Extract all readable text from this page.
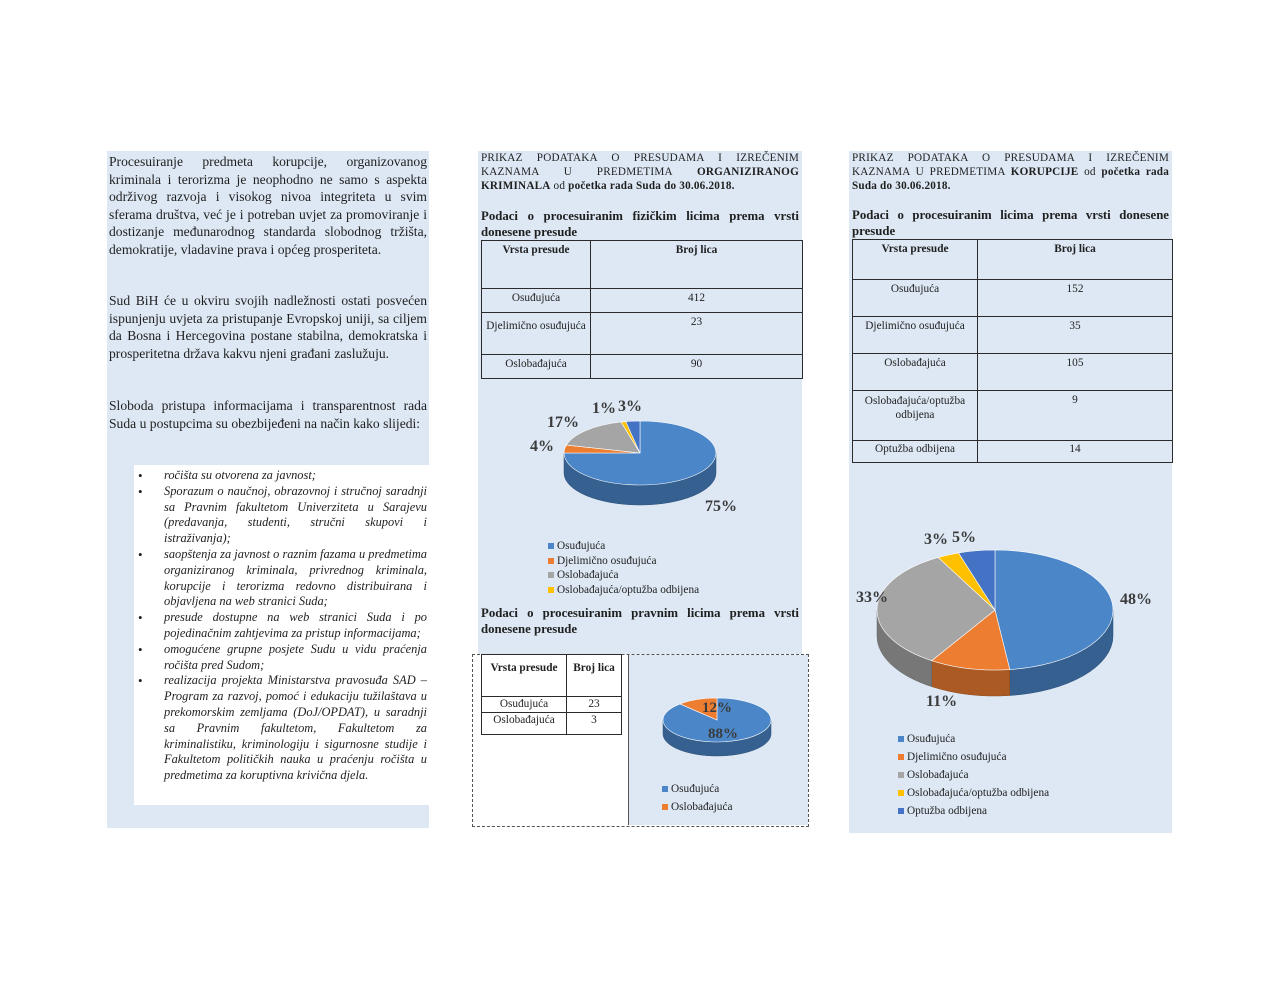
Procesuiranje predmeta korupcije, organizovanog kriminala i terorizma je neophodno ne samo s aspekta održivog razvoja i visokog nivoa integriteta u svim sferama društva, već je i potreban uvjet za promoviranje i dostizanje međunarodnog standarda slobodnog tržišta, demokratije, vladavine prava i općeg prosperiteta.
Sud BiH će u okviru svojih nadležnosti ostati posvećen ispunjenju uvjeta za pristupanje Evropskoj uniji, sa ciljem da Bosna i Hercegovina postane stabilna, demokratska i prosperitetna država kakvu njeni građani zaslužuju.
Sloboda pristupa informacijama i transparentnost rada Suda u postupcima su obezbijeđeni na način kako slijedi:
• ročišta su otvorena za javnost;
• Sporazum o naučnoj, obrazovnoj i stručnoj saradnji sa Pravnim fakultetom Univerziteta u Sarajevu (predavanja, studenti, stručni skupovi i istraživanja);
• saopštenja za javnost o raznim fazama u predmetima organiziranog kriminala, privrednog kriminala, korupcije i terorizma redovno distribuirana i objavljena na web stranici Suda;
• presude dostupne na web stranici Suda i po pojedinačnim zahtjevima za pristup informacijama;
• omogućene grupne posjete Sudu u vidu praćenja ročišta pred Sudom;
• realizacija projekta Ministarstva pravosuđa SAD – Program za razvoj, pomoć i edukaciju tužilaštava u prekomorskim zemljama (DoJ/OPDAT), u saradnji sa Pravnim fakultetom, Fakultetom za kriminalistiku, kriminologiju i sigurnosne studije i Fakultetom političkih nauka u praćenju ročišta u predmetima za koruptivna krivična djela.
PRIKAZ PODATAKA O PRESUDAMA I IZREČENIM KAZNAMA U PREDMETIMA ORGANIZIRANOG KRIMINALA od početka rada Suda do 30.06.2018.
Podaci o procesuiranim fizičkim licima prema vrsti donesene presude
Vrsta presude	Broj lica
Osuđujuća	412
Djelimično osuđujuća	23
Oslobađajuća	90
75%
4%
17%
1% 3%
Osuđujuća
Djelimično osuđujuća
Oslobađajuća
Oslobađajuća/optužba odbijena
Podaci o procesuiranim pravnim licima prema vrsti donesene presude
Vrsta presude	Broj lica
Osuđujuća	23
Oslobađajuća	3
88%
12%
Osuđujuća
Oslobađajuća
PRIKAZ PODATAKA O PRESUDAMA I IZREČENIM KAZNAMA U PREDMETIMA KORUPCIJE od početka rada Suda do 30.06.2018.
Podaci o procesuiranim licima prema vrsti donesene presude
Vrsta presude	Broj lica
Osuđujuća	152
Djelimično osuđujuća	35
Oslobađajuća	105
Oslobađajuća/optužba odbijena	9
Optužba odbijena	14
48%
11%
33%
3% 5%
Osuđujuća
Djelimično osuđujuća
Oslobađajuća
Oslobađajuća/optužba odbijena
Optužba odbijena
